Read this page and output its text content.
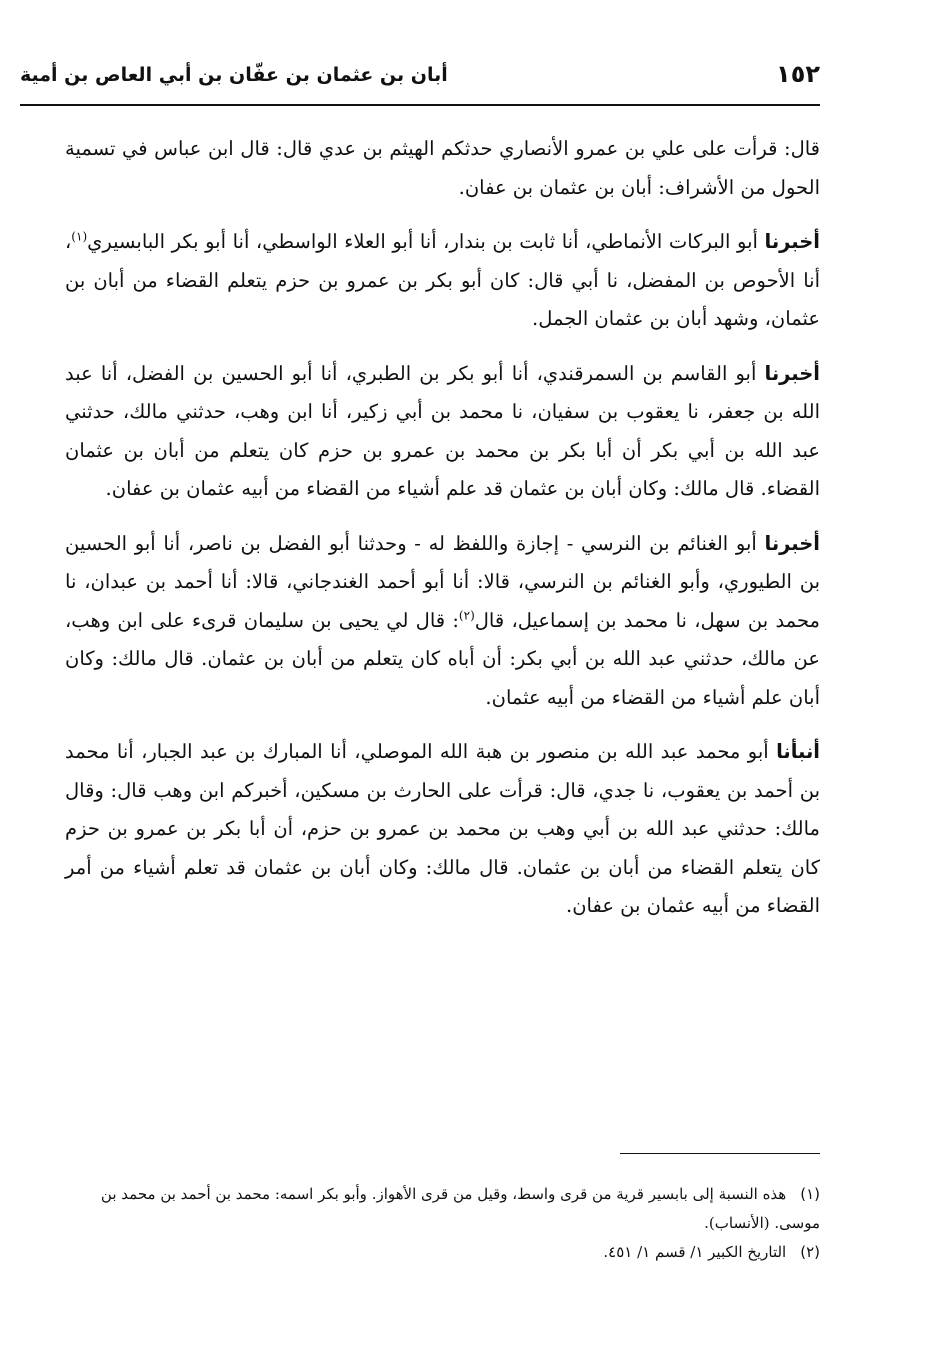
١٥٢
أبان بن عثمان بن عفّان بن أبي العاص بن أمية

قال: قرأت على علي بن عمرو الأنصاري حدثكم الهيثم بن عدي قال: قال ابن عباس في تسمية الحول من الأشراف: أبان بن عثمان بن عفان.

أخبرنا أبو البركات الأنماطي، أنا ثابت بن بندار، أنا أبو العلاء الواسطي، أنا أبو بكر البابسيري$^{(١)}$، أنا الأحوص بن المفضل، نا أبي قال: كان أبو بكر بن عمرو بن حزم يتعلم القضاء من أبان بن عثمان، وشهد أبان بن عثمان الجمل.

أخبرنا أبو القاسم بن السمرقندي، أنا أبو بكر بن الطبري، أنا أبو الحسين بن الفضل، أنا عبد الله بن جعفر، نا يعقوب بن سفيان، نا محمد بن أبي زكير، أنا ابن وهب، حدثني مالك، حدثني عبد الله بن أبي بكر أن أبا بكر بن محمد بن عمرو بن حزم كان يتعلم من أبان بن عثمان القضاء. قال مالك: وكان أبان بن عثمان قد علم أشياء من القضاء من أبيه عثمان بن عفان.

أخبرنا أبو الغنائم بن النرسي - إجازة واللفظ له - وحدثنا أبو الفضل بن ناصر، أنا أبو الحسين بن الطيوري، وأبو الغنائم بن النرسي، قالا: أنا أبو أحمد الغندجاني، قالا: أنا أحمد بن عبدان، نا محمد بن سهل، نا محمد بن إسماعيل، قال$^{(٢)}$: قال لي يحيى بن سليمان قرىء على ابن وهب، عن مالك، حدثني عبد الله بن أبي بكر: أن أباه كان يتعلم من أبان بن عثمان. قال مالك: وكان أبان علم أشياء من القضاء من أبيه عثمان.

أنبأنا أبو محمد عبد الله بن منصور بن هبة الله الموصلي، أنا المبارك بن عبد الجبار، أنا محمد بن أحمد بن يعقوب، نا جدي، قال: قرأت على الحارث بن مسكين، أخبركم ابن وهب قال: وقال مالك: حدثني عبد الله بن أبي وهب بن محمد بن عمرو بن حزم، أن أبا بكر بن عمرو بن حزم كان يتعلم القضاء من أبان بن عثمان. قال مالك: وكان أبان بن عثمان قد تعلم أشياء من أمر القضاء من أبيه عثمان بن عفان.

(١)هذه النسبة إلى بابسير قرية من قرى واسط، وقيل من قرى الأهواز. وأبو بكر اسمه: محمد بن أحمد بن محمد بن موسى. (الأنساب).

(٢)التاريخ الكبير ١/ قسم ١/ ٤٥١.
